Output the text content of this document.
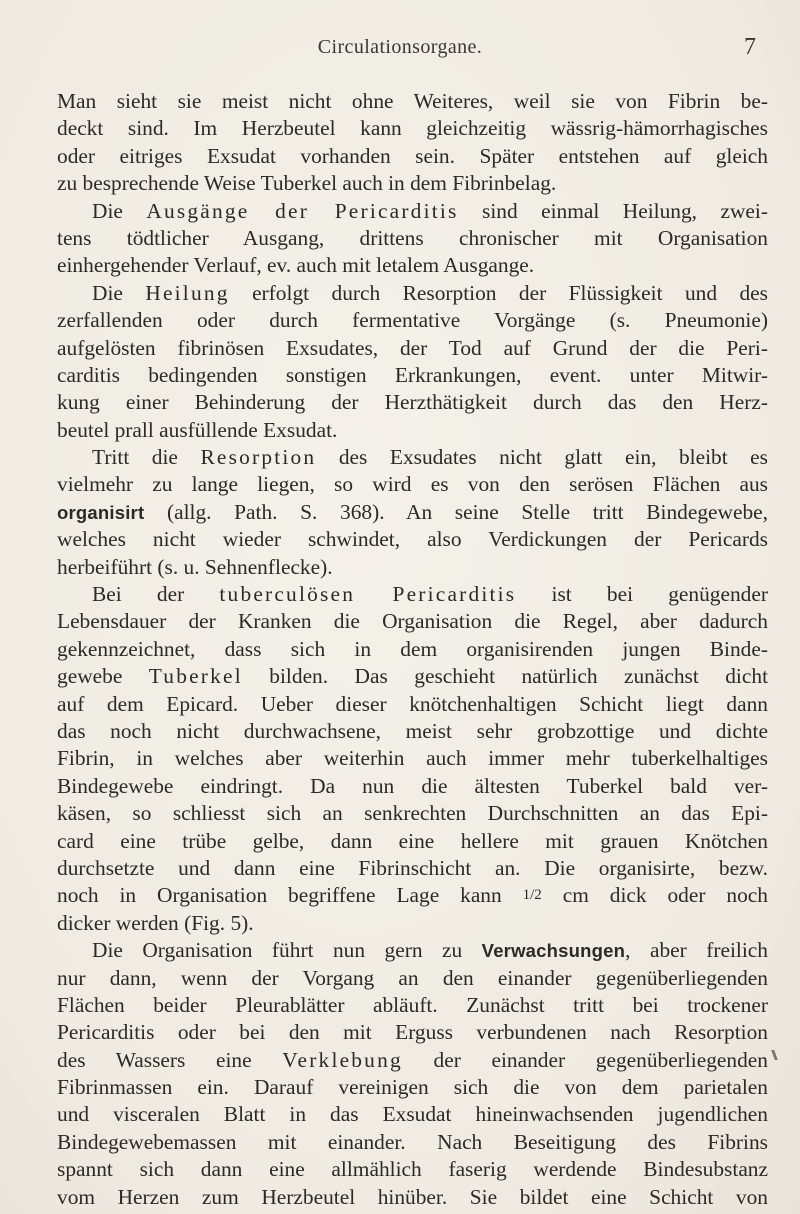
Circulationsorgane.	7
Man sieht sie meist nicht ohne Weiteres, weil sie von Fibrin be-
deckt sind. Im Herzbeutel kann gleichzeitig wässrig-hämorrhagisches
oder eitriges Exsudat vorhanden sein. Später entstehen auf gleich
zu besprechende Weise Tuberkel auch in dem Fibrinbelag.
Die Ausgänge der Pericarditis sind einmal Heilung, zwei-
tens tödtlicher Ausgang, drittens chronischer mit Organisation
einhergehender Verlauf, ev. auch mit letalem Ausgange.
Die Heilung erfolgt durch Resorption der Flüssigkeit und des
zerfallenden oder durch fermentative Vorgänge (s. Pneumonie)
aufgelösten fibrinösen Exsudates, der Tod auf Grund der die Peri-
carditis bedingenden sonstigen Erkrankungen, event. unter Mitwir-
kung einer Behinderung der Herzthätigkeit durch das den Herz-
beutel prall ausfüllende Exsudat.
Tritt die Resorption des Exsudates nicht glatt ein, bleibt es
vielmehr zu lange liegen, so wird es von den serösen Flächen aus
organisirt (allg. Path. S. 368). An seine Stelle tritt Bindegewebe,
welches nicht wieder schwindet, also Verdickungen der Pericards
herbeiführt (s. u. Sehnenflecke).
Bei der tuberculösen Pericarditis ist bei genügender
Lebensdauer der Kranken die Organisation die Regel, aber dadurch
gekennzeichnet, dass sich in dem organisirenden jungen Binde-
gewebe Tuberkel bilden. Das geschieht natürlich zunächst dicht
auf dem Epicard. Ueber dieser knötchenhaltigen Schicht liegt dann
das noch nicht durchwachsene, meist sehr grobzottige und dichte
Fibrin, in welches aber weiterhin auch immer mehr tuberkelhaltiges
Bindegewebe eindringt. Da nun die ältesten Tuberkel bald ver-
käsen, so schliesst sich an senkrechten Durchschnitten an das Epi-
card eine trübe gelbe, dann eine hellere mit grauen Knötchen
durchsetzte und dann eine Fibrinschicht an. Die organisirte, bezw.
noch in Organisation begriffene Lage kann 1/2 cm dick oder noch
dicker werden (Fig. 5).
Die Organisation führt nun gern zu Verwachsungen, aber freilich
nur dann, wenn der Vorgang an den einander gegenüberliegenden
Flächen beider Pleurablätter abläuft. Zunächst tritt bei trockener
Pericarditis oder bei den mit Erguss verbundenen nach Resorption
des Wassers eine Verklebung der einander gegenüberliegenden
Fibrinmassen ein. Darauf vereinigen sich die von dem parietalen
und visceralen Blatt in das Exsudat hineinwachsenden jugendlichen
Bindegewebemassen mit einander. Nach Beseitigung des Fibrins
spannt sich dann eine allmählich faserig werdende Bindesubstanz
vom Herzen zum Herzbeutel hinüber. Sie bildet eine Schicht von
